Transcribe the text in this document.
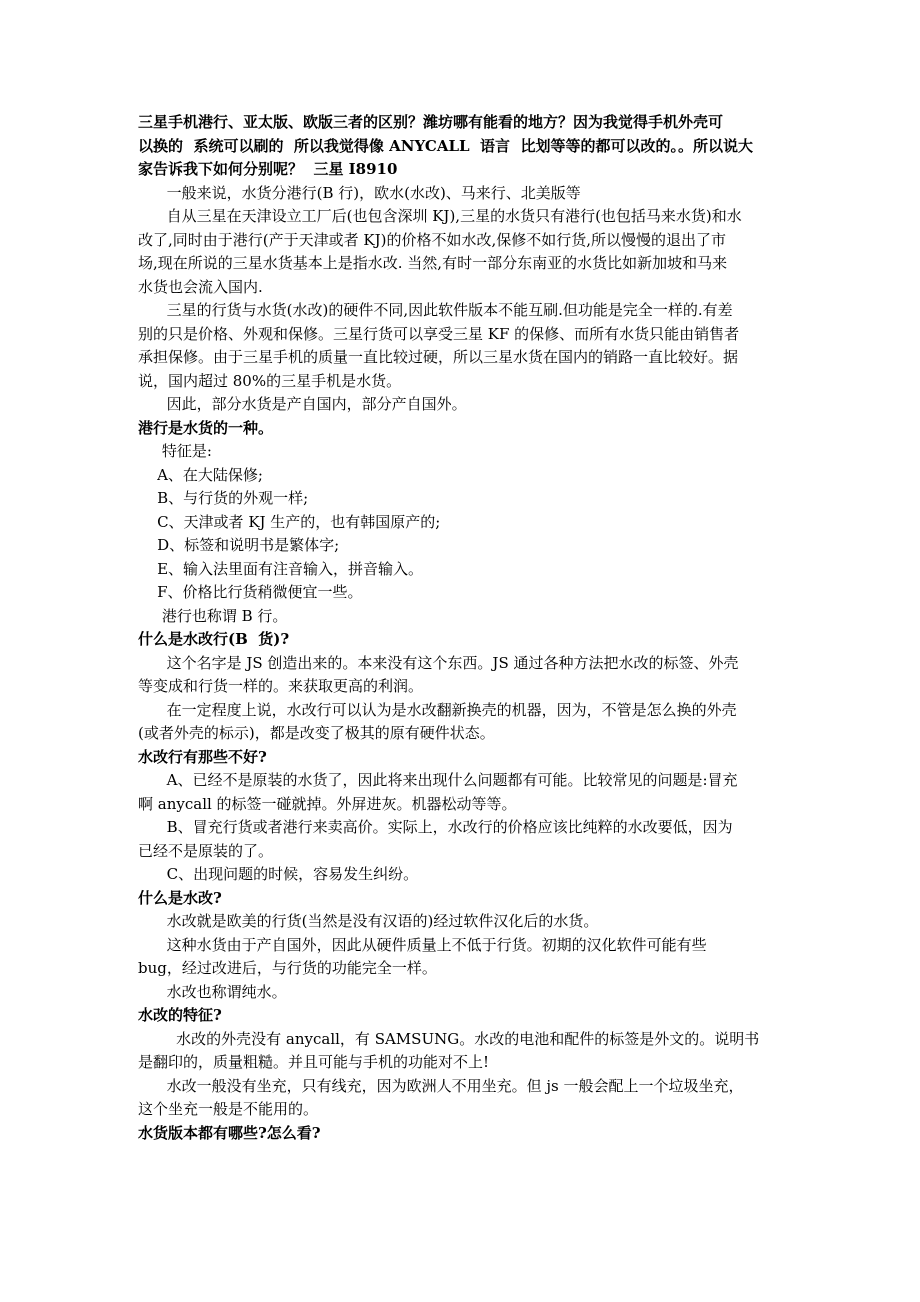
三星手机港行、亚太版、欧版三者的区别？潍坊哪有能看的地方？因为我觉得手机外壳可
以换的  系统可以刷的  所以我觉得像 ANYCALL  语言  比划等等的都可以改的。。所以说大
家告诉我下如何分别呢？  三星 I8910
一般来说，水货分港行(B 行)，欧水(水改)、马来行、北美版等
自从三星在天津设立工厂后(也包含深圳 KJ),三星的水货只有港行(也包括马来水货)和水
改了,同时由于港行(产于天津或者 KJ)的价格不如水改,保修不如行货,所以慢慢的退出了市
场,现在所说的三星水货基本上是指水改. 当然,有时一部分东南亚的水货比如新加坡和马来
水货也会流入国内.
三星的行货与水货(水改)的硬件不同,因此软件版本不能互刷.但功能是完全一样的.有差
别的只是价格、外观和保修。三星行货可以享受三星 KF 的保修、而所有水货只能由销售者
承担保修。由于三星手机的质量一直比较过硬，所以三星水货在国内的销路一直比较好。据
说，国内超过 80%的三星手机是水货。
因此，部分水货是产自国内，部分产自国外。
港行是水货的一种。
特征是:
A、在大陆保修;
B、与行货的外观一样;
C、天津或者 KJ 生产的，也有韩国原产的;
D、标签和说明书是繁体字;
E、输入法里面有注音输入，拼音输入。
F、价格比行货稍微便宜一些。
港行也称谓 B 行。
什么是水改行(B  货)?
这个名字是 JS 创造出来的。本来没有这个东西。JS 通过各种方法把水改的标签、外壳
等变成和行货一样的。来获取更高的利润。
在一定程度上说，水改行可以认为是水改翻新换壳的机器，因为，不管是怎么换的外壳
(或者外壳的标示)，都是改变了极其的原有硬件状态。
水改行有那些不好?
A、已经不是原装的水货了，因此将来出现什么问题都有可能。比较常见的问题是:冒充
啊 anycall 的标签一碰就掉。外屏进灰。机器松动等等。
B、冒充行货或者港行来卖高价。实际上，水改行的价格应该比纯粹的水改要低，因为
已经不是原装的了。
C、出现问题的时候，容易发生纠纷。
什么是水改?
水改就是欧美的行货(当然是没有汉语的)经过软件汉化后的水货。
这种水货由于产自国外，因此从硬件质量上不低于行货。初期的汉化软件可能有些
bug，经过改进后，与行货的功能完全一样。
水改也称谓纯水。
水改的特征?
水改的外壳没有 anycall，有 SAMSUNG。水改的电池和配件的标签是外文的。说明书
是翻印的，质量粗糙。并且可能与手机的功能对不上!
水改一般没有坐充，只有线充，因为欧洲人不用坐充。但 js 一般会配上一个垃圾坐充，
这个坐充一般是不能用的。
水货版本都有哪些?怎么看?
